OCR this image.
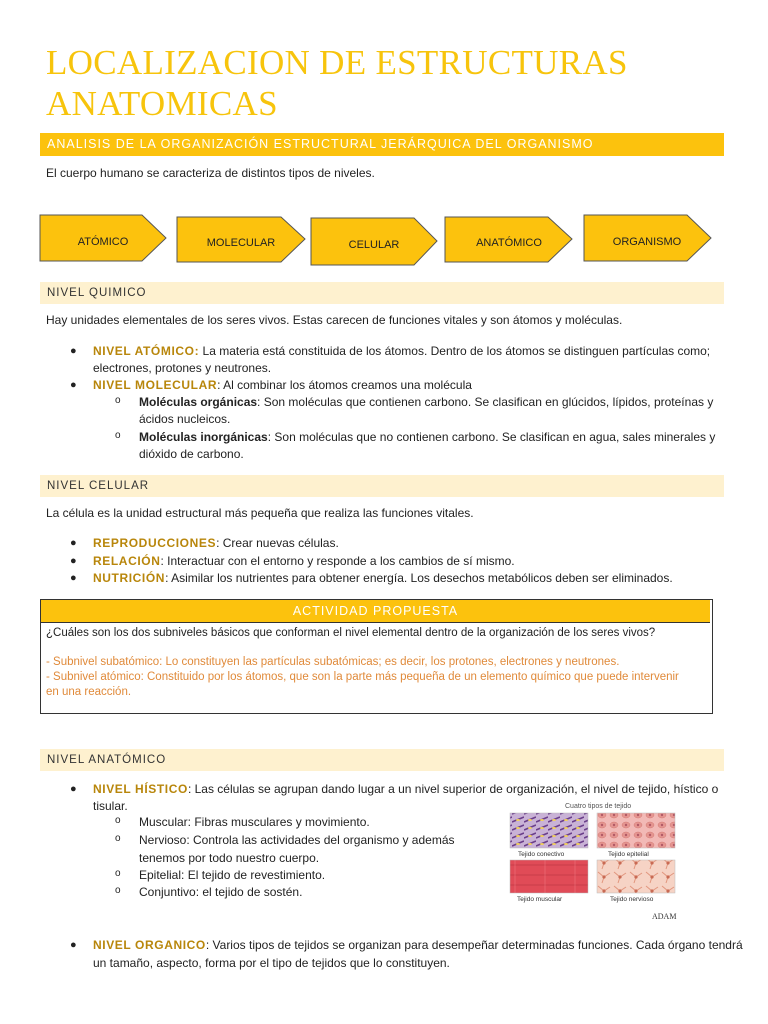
LOCALIZACION DE ESTRUCTURAS ANATOMICAS
ANALISIS DE LA ORGANIZACIÓN ESTRUCTURAL JERÁRQUICA DEL ORGANISMO
El cuerpo humano se caracteriza de distintos tipos de niveles.
ATÓMICO	MOLECULAR	CELULAR	ANATÓMICO	ORGANISMO
NIVEL QUIMICO
Hay unidades elementales de los seres vivos. Estas carecen de funciones vitales y son átomos y moléculas.
● NIVEL ATÓMICO: La materia está constituida de los átomos. Dentro de los átomos se distinguen partículas como;
electrones, protones y neutrones.
● NIVEL MOLECULAR: Al combinar los átomos creamos una molécula
o Moléculas orgánicas: Son moléculas que contienen carbono. Se clasifican en glúcidos, lípidos, proteínas y
ácidos nucleicos.
o Moléculas inorgánicas: Son moléculas que no contienen carbono. Se clasifican en agua, sales minerales y
dióxido de carbono.
NIVEL CELULAR
La célula es la unidad estructural más pequeña que realiza las funciones vitales.
● REPRODUCCIONES: Crear nuevas células.
● RELACIÓN: Interactuar con el entorno y responde a los cambios de sí mismo.
● NUTRICIÓN: Asimilar los nutrientes para obtener energía. Los desechos metabólicos deben ser eliminados.
ACTIVIDAD PROPUESTA
¿Cuáles son los dos subniveles básicos que conforman el nivel elemental dentro de la organización de los seres vivos?
- Subnivel subatómico: Lo constituyen las partículas subatómicas; es decir, los protones, electrones y neutrones.
- Subnivel atómico: Constituido por los átomos, que son la parte más pequeña de un elemento químico que puede intervenir
en una reacción.
NIVEL ANATÓMICO
● NIVEL HÍSTICO: Las células se agrupan dando lugar a un nivel superior de organización, el nivel de tejido, hístico o
tisular.
o Muscular: Fibras musculares y movimiento.
o Nervioso: Controla las actividades del organismo y además
tenemos por todo nuestro cuerpo.
o Epitelial: El tejido de revestimiento.
o Conjuntivo: el tejido de sostén.
Cuatro tipos de tejido
Tejido conectivo	Tejido epitelial
Tejido muscular	Tejido nervioso
ADAM
● NIVEL ORGANICO: Varios tipos de tejidos se organizan para desempeñar determinadas funciones. Cada órgano tendrá
un tamaño, aspecto, forma por el tipo de tejidos que lo constituyen.
